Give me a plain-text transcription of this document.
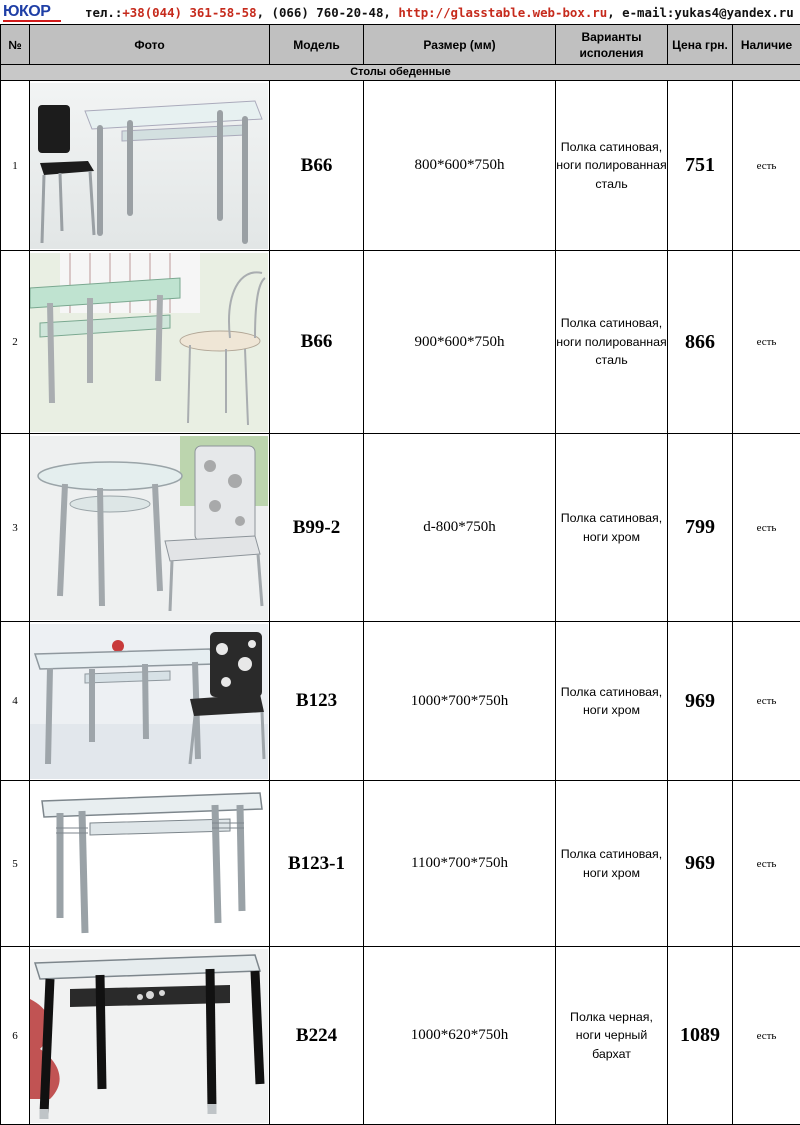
ЮКОР	тел.:+38(044) 361-58-58, (066) 760-20-48, http://glasstable.web-box.ru, e-mail:yukas4@yandex.ru
№	Фото	Модель	Размер (мм)	Варианты исполения	Цена грн.	Наличие
Столы обеденные						
1		B66	800*600*750h	Полка сатиновая, ноги полированная сталь	751	есть
2		B66	900*600*750h	Полка сатиновая, ноги полированная сталь	866	есть
3		B99-2	d-800*750h	Полка сатиновая, ноги хром	799	есть
4		B123	1000*700*750h	Полка сатиновая, ноги хром	969	есть
5		B123-1	1100*700*750h	Полка сатиновая, ноги хром	969	есть
6		B224	1000*620*750h	Полка черная, ноги черный бархат	1089	есть
